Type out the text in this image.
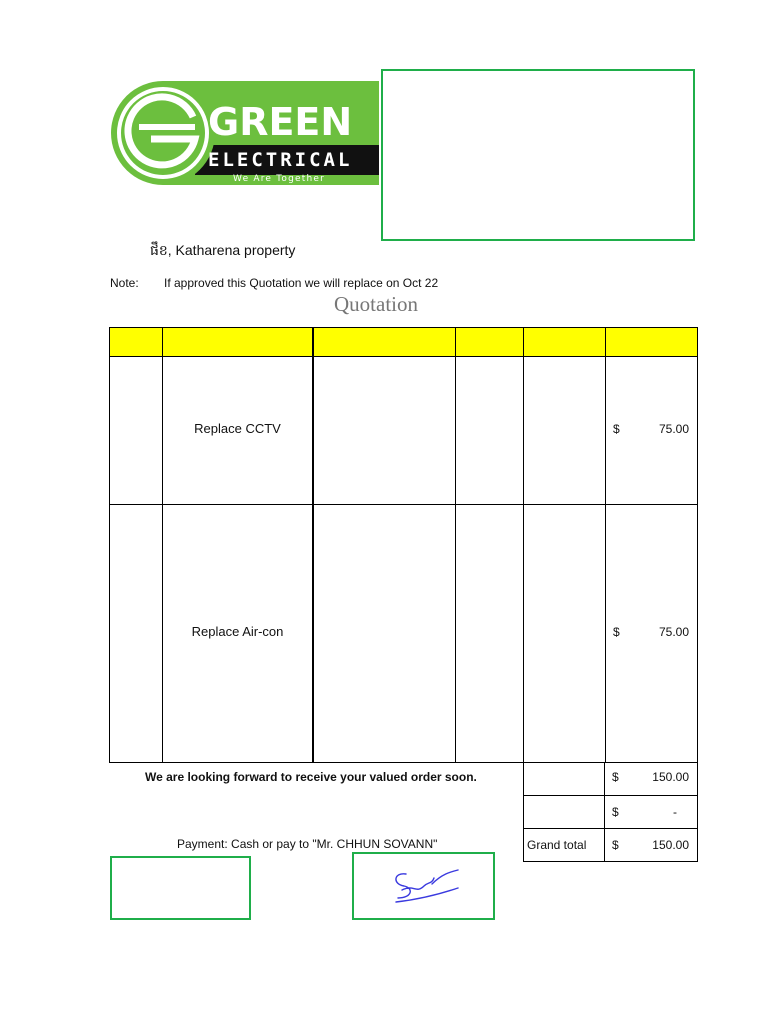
GREEN
ELECTRICAL
We Are Together
ផឹខ, Katharena property
Note: If approved this Quotation we will replace on Oct 22
Quotation
Replace CCTV	$	75.00
Replace Air-con	$	75.00
We are looking forward to receive your valued order soon.
Payment: Cash or pay to "Mr. CHHUN SOVANN"
$	150.00
$	-
Grand total $	150.00
